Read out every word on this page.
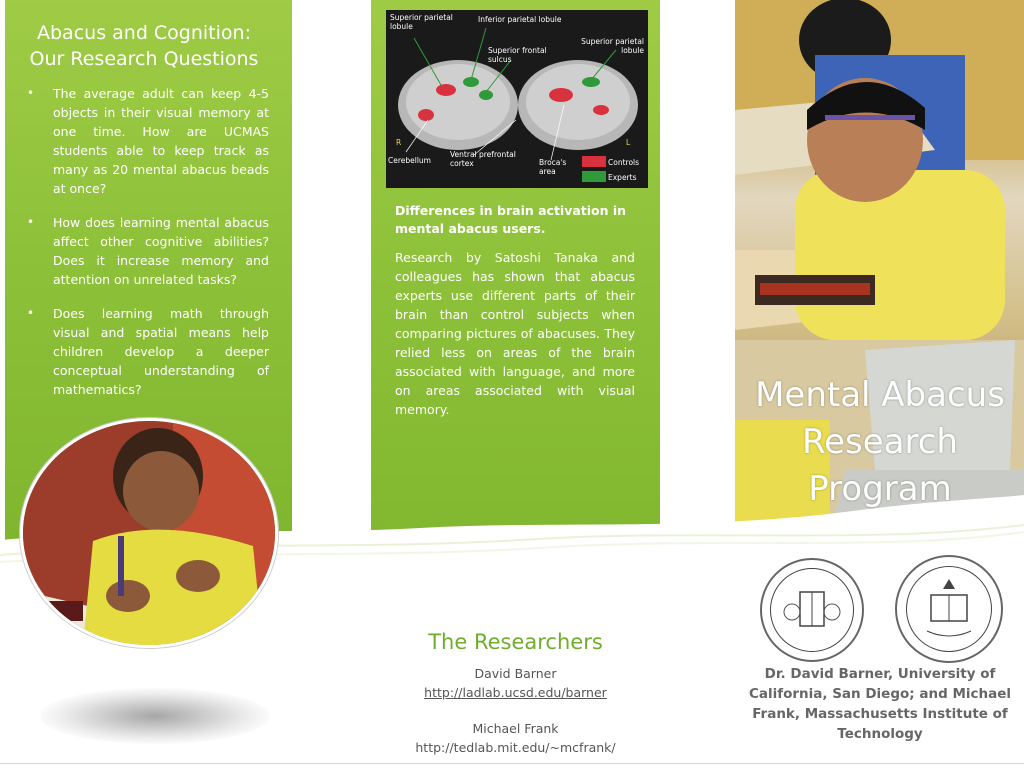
Abacus and Cognition:
Our Research Questions
• The average adult can keep 4-5 objects in their visual memory at one time. How are UCMAS students able to keep track as many as 20 mental abacus beads at once?
• How does learning mental abacus affect other cognitive abilities? Does it increase memory and attention on unrelated tasks?
• Does learning math through visual and spatial means help children develop a deeper conceptual understanding of mathematics?
Superior parietal lobule
Inferior parietal lobule
Superior frontal sulcus
Superior parietal lobule
R	L
Cerebellum
Ventral prefrontal cortex	Broca's area
Controls
Experts
Differences in brain activation in mental abacus users.

Research by Satoshi Tanaka and colleagues has shown that abacus experts use different parts of their brain than control subjects when comparing pictures of abacuses. They relied less on areas of the brain associated with language, and more on areas associated with visual memory.

The Researchers
David Barner
http://ladlab.ucsd.edu/barner
Michael Frank
http://tedlab.mit.edu/~mcfrank/
Mental Abacus
Research
Program
Dr. David Barner, University of California, San Diego; and Michael Frank, Massachusetts Institute of Technology
